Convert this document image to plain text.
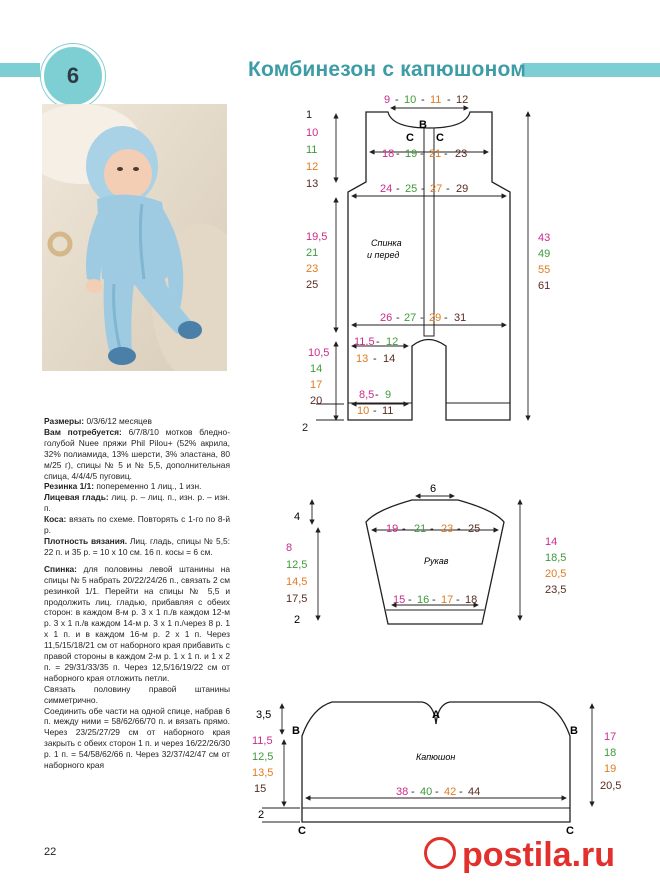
6	Комбинезон с капюшоном

Размеры: 0/3/6/12 месяцев

Вам потребуется: 6/7/8/10 мотков бледно-голубой Nuee пряжи Phil Pilou+ (52% акрила, 32% полиамида, 13% шерсти, 3% эластана, 80 м/25 г), спицы № 5 и № 5,5, дополнительная спица, 4/4/4/5 пуговиц.

Резинка 1/1: попеременно 1 лиц., 1 изн.

Лицевая гладь: лиц. р. – лиц. п., изн. р. – изн. п.

Коса: вязать по схеме. Повторять с 1-го по 8-й р.

Плотность вязания. Лиц. гладь, спицы № 5,5: 22 п. и 35 р. = 10 х 10 см. 16 п. косы = 6 см.

Спинка: для половины левой штанины на спицы № 5 набрать 20/22/24/26 п., связать 2 см резинкой 1/1. Перейти на спицы № 5,5 и продолжить лиц. гладью, прибавляя с обеих сторон: в каждом 8-м р. 3 х 1 п./в каждом 12-м р. 3 х 1 п./в каждом 14-м р. 3 х 1 п./через 8 р. 1 х 1 п. и в каждом 16-м р. 2 х 1 п. Через 11,5/15/18/21 см от наборного края прибавить с правой стороны в каждом 2-м р. 1 х 1 п. и 1 х 2 п. = 29/31/33/35 п. Через 12,5/16/19/22 см от наборного края отложить петли.

Связать половину правой штанины симметрично.

Соединить обе части на одной спице, набрав 6 п. между ними = 58/62/66/70 п. и вязать прямо. Через 23/25/27/29 см от наборного края закрыть с обеих сторон 1 п. и через 16/22/26/30 р. 1 п. = 54/58/62/66 п. Через 32/37/42/47 см от наборного края

22	postila.ru
9 - 10 - 11 - 12
B
C C
18 - 19 - 21 - 23
24 - 25 - 27 - 29
1
10
11
12
13
19,5
21
23
25
43
49
55
61
Спинка
и перед
26 - 27 - 29 - 31
11,5 - 12
13 - 14
10,5
14
17
20	8,5 - 9
10 - 11
2
6
4
19 - 21 - 23 - 25
8
12,5
14,5
17,5
14
18,5
20,5
23,5
Рукав
15 - 16 - 17 - 18
2
3,5	A
B	B
11,5
12,5
13,5
15
17
18
19
20,5
Капюшон
38 - 40 - 42 - 44
2
C	C
